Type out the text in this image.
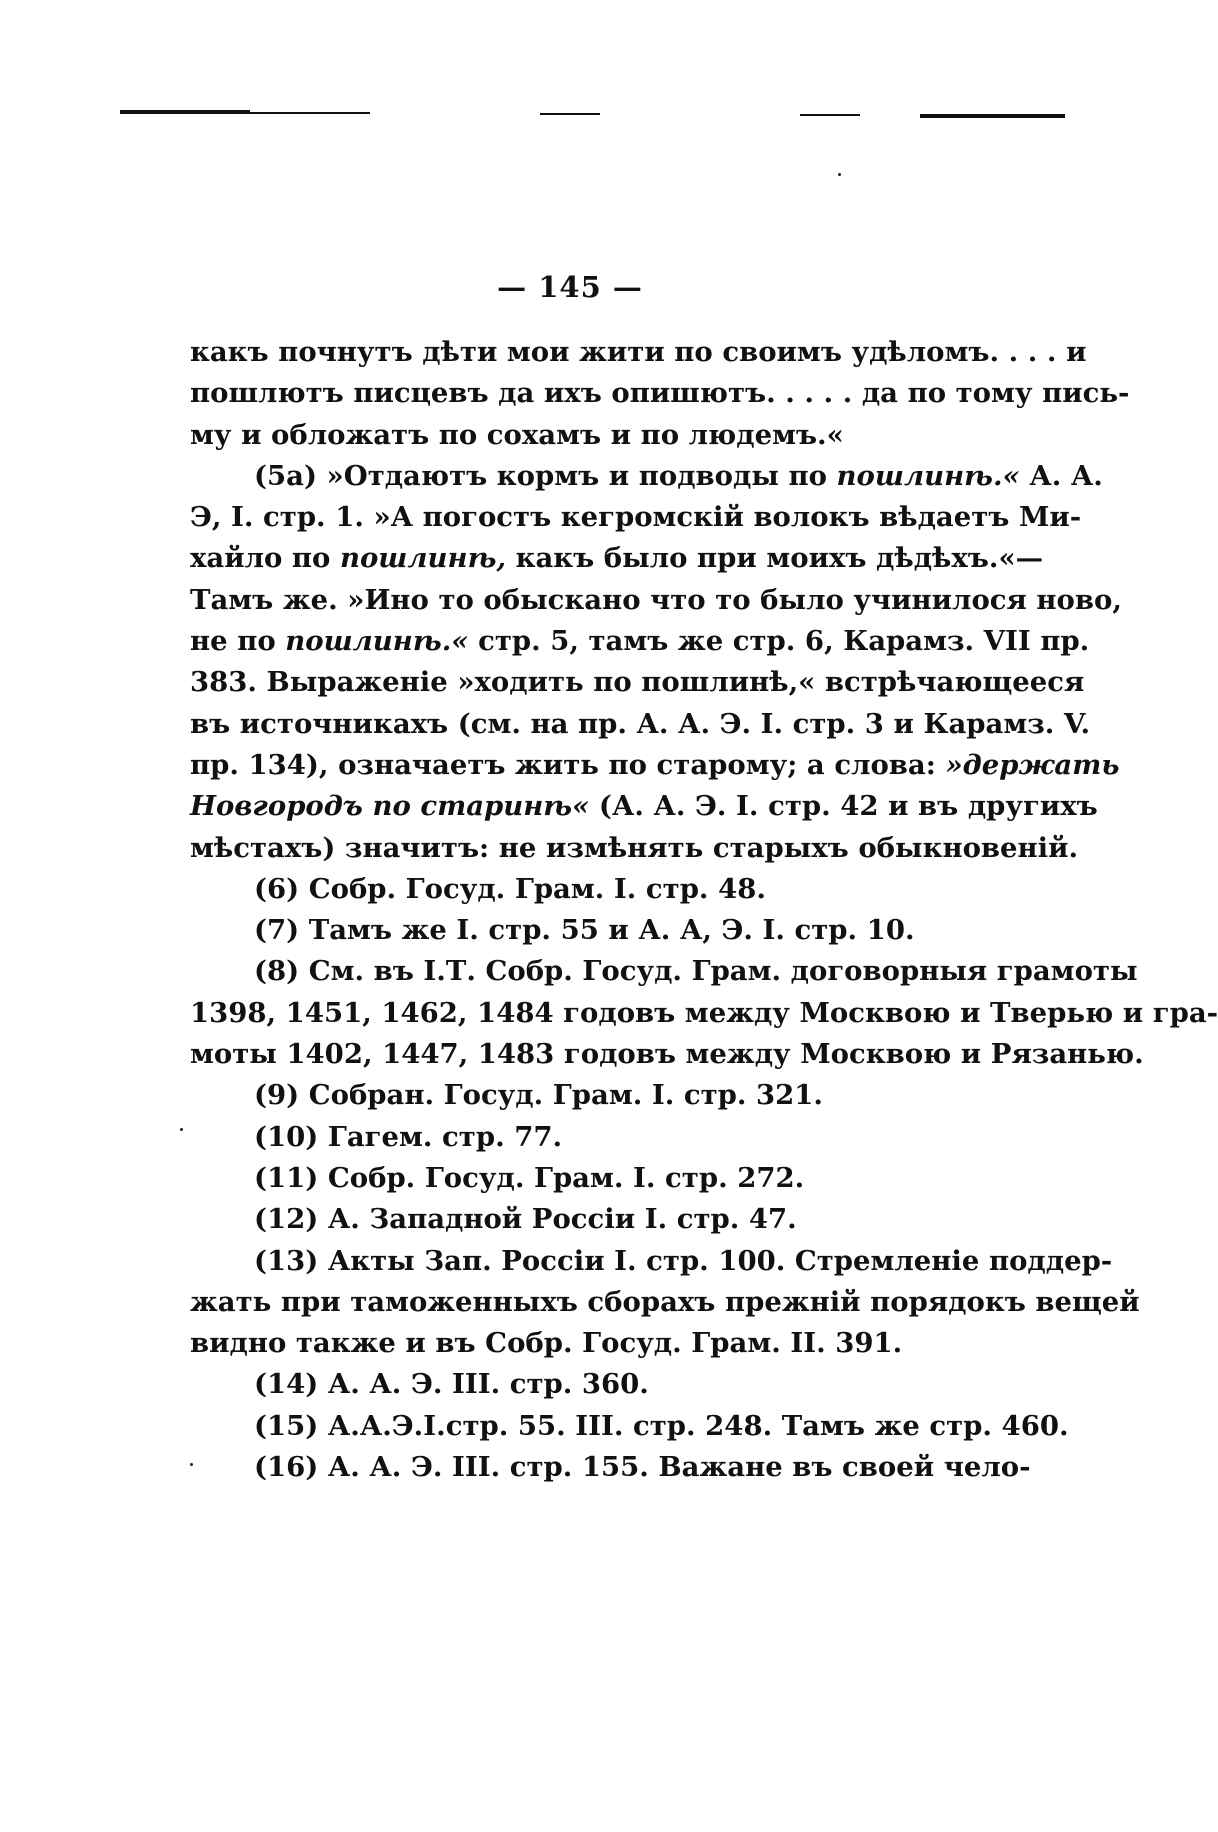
— 145 —
какъ почнутъ дѣти мои жити по своимъ удѣломъ. . . . и
пошлютъ писцевъ да ихъ опишютъ. . . . . да по тому пись-
му и обложатъ по сохамъ и по людемъ.«
(5а) »Отдаютъ кормъ и подводы по пошлинѣ.« А. А.
Э, I. стр. 1. »А погостъ кегромскій волокъ вѣдаетъ Ми-
хайло по пошлинѣ, какъ было при моихъ дѣдѣхъ.«—
Тамъ же. »Ино то обыскано что то было учинилося ново,
не по пошлинѣ.« стр. 5, тамъ же стр. 6, Карамз. VII пр.
383. Выраженіе »ходить по пошлинѣ,« встрѣчающееся
въ источникахъ (см. на пр. А. А. Э. I. стр. 3 и Карамз. V.
пр. 134), означаетъ жить по старому; а слова: »держать
Новгородъ по старинѣ« (А. А. Э. I. стр. 42 и въ другихъ
мѣстахъ) значитъ: не измѣнять старыхъ обыкновеній.
(6) Собр. Госуд. Грам. I. стр. 48.
(7) Тамъ же I. стр. 55 и А. А, Э. I. стр. 10.
(8) См. въ I.Т. Собр. Госуд. Грам. договорныя грамоты
1398, 1451, 1462, 1484 годовъ между Москвою и Тверью и гра-
моты 1402, 1447, 1483 годовъ между Москвою и Рязанью.
(9) Собран. Госуд. Грам. I. стр. 321.
(10) Гагем. стр. 77.
(11) Собр. Госуд. Грам. I. стр. 272.
(12) А. Западной Россіи I. стр. 47.
(13) Акты Зап. Россіи I. стр. 100. Стремленіе поддер-
жать при таможенныхъ сборахъ прежній порядокъ вещей
видно также и въ Собр. Госуд. Грам. II. 391.
(14) А. А. Э. III. стр. 360.
(15) А.А.Э.I.стр. 55. III. стр. 248. Тамъ же стр. 460.
(16) А. А. Э. III. стр. 155. Важане въ своей чело-
